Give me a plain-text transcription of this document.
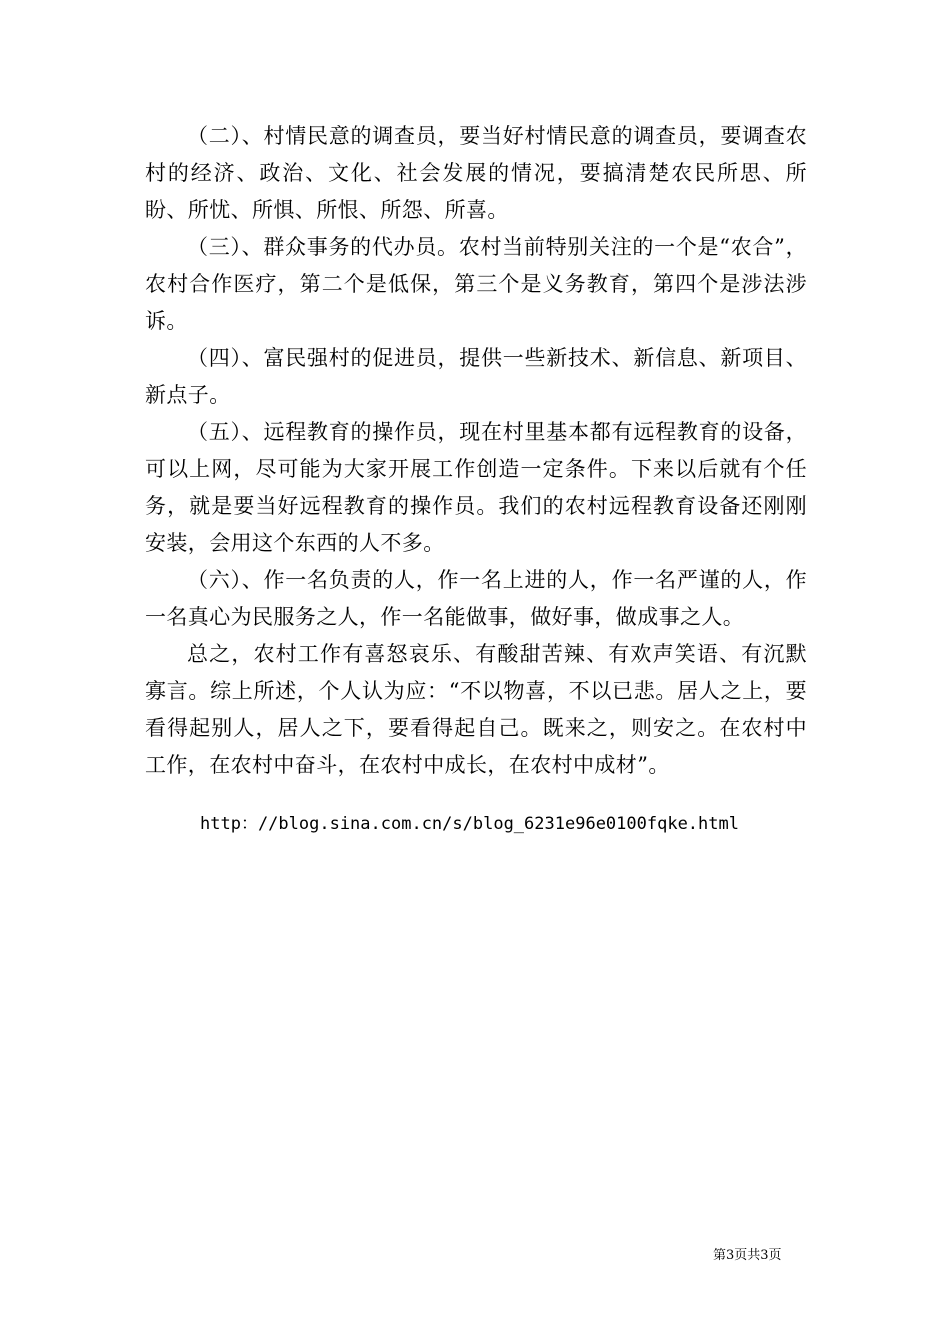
（二）、村情民意的调查员，要当好村情民意的调查员，要调查农村的经济、政治、文化、社会发展的情况，要搞清楚农民所思、所盼、所忧、所惧、所恨、所怨、所喜。

（三）、群众事务的代办员。农村当前特别关注的一个是“农合”，农村合作医疗，第二个是低保，第三个是义务教育，第四个是涉法涉诉。

（四）、富民强村的促进员，提供一些新技术、新信息、新项目、新点子。

（五）、远程教育的操作员，现在村里基本都有远程教育的设备，可以上网，尽可能为大家开展工作创造一定条件。下来以后就有个任务，就是要当好远程教育的操作员。我们的农村远程教育设备还刚刚安装，会用这个东西的人不多。

（六）、作一名负责的人，作一名上进的人，作一名严谨的人，作一名真心为民服务之人，作一名能做事，做好事，做成事之人。

总之，农村工作有喜怒哀乐、有酸甜苦辣、有欢声笑语、有沉默寡言。综上所述，个人认为应：“不以物喜，不以已悲。居人之上，要看得起别人，居人之下，要看得起自己。既来之，则安之。在农村中工作，在农村中奋斗，在农村中成长，在农村中成材”。

http：//blog.sina.com.cn/s/blog_6231e96e0100fqke.html
第3页共3页
